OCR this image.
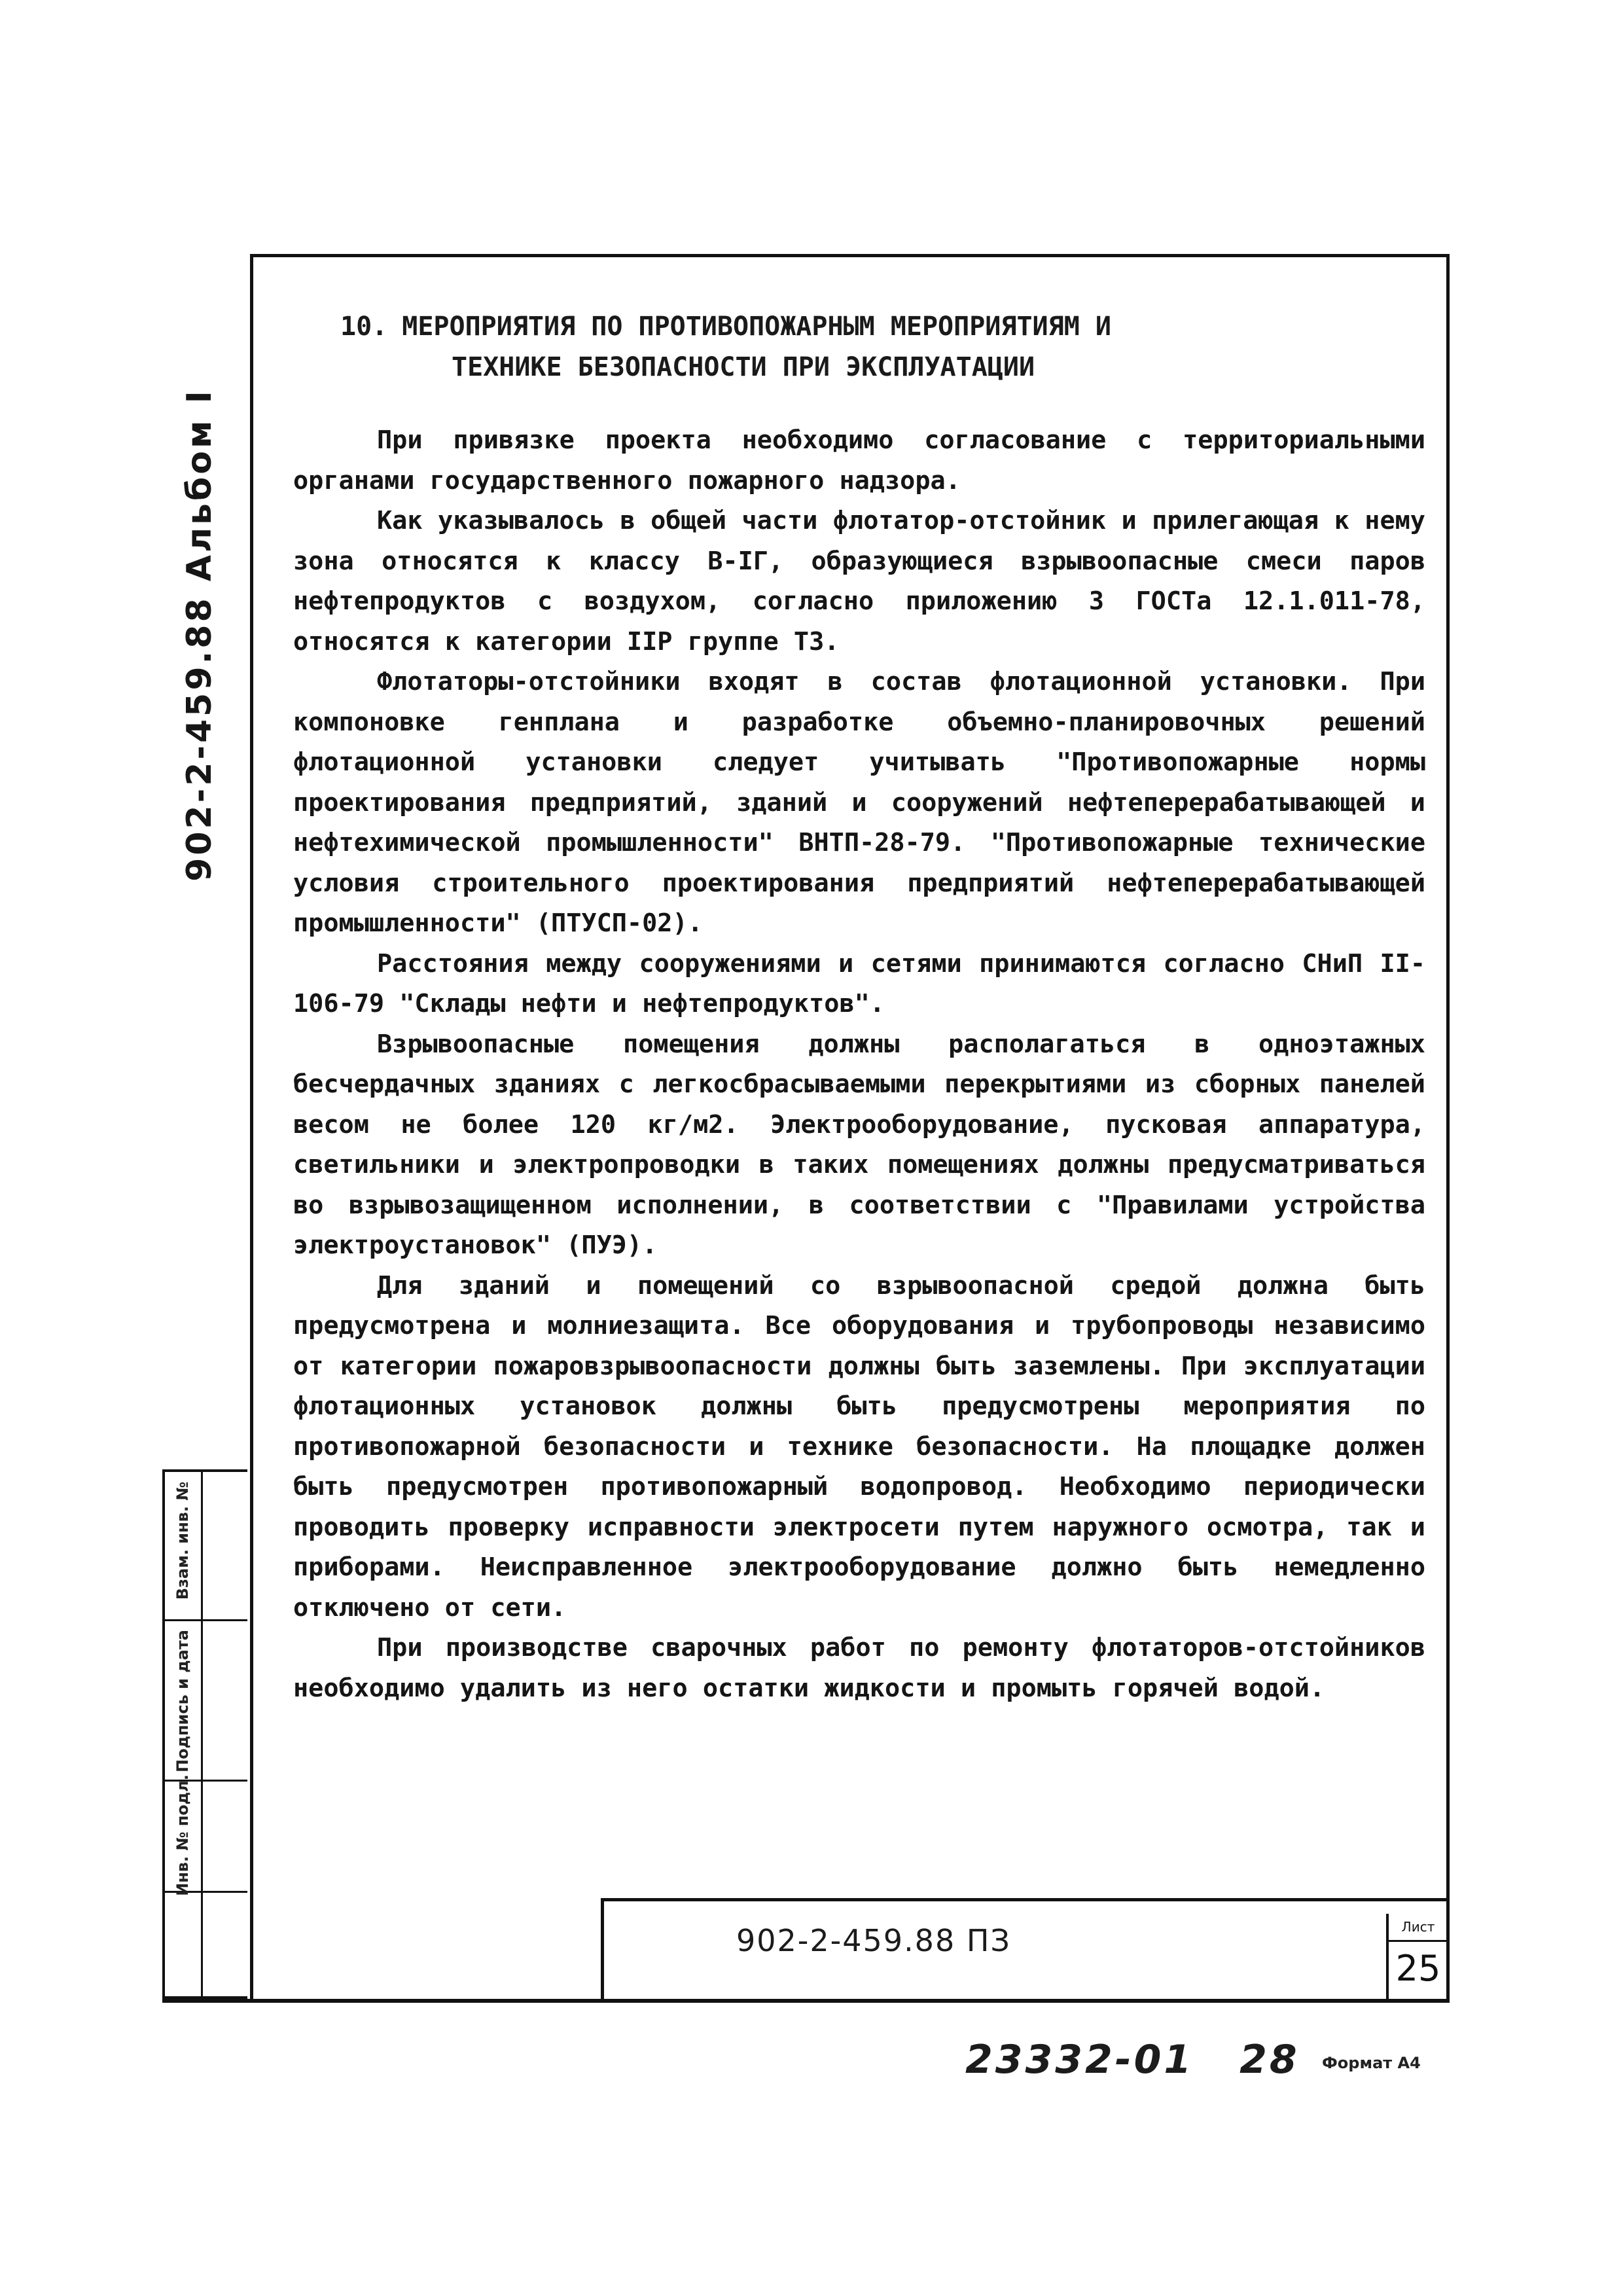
902-2-459.88 Альбом I
Взам. инв. №
Подпись и дата
Инв. № подл.
10. МЕРОПРИЯТИЯ ПО ПРОТИВОПОЖАРНЫМ МЕРОПРИЯТИЯМ И
ТЕХНИКЕ БЕЗОПАСНОСТИ ПРИ ЭКСПЛУАТАЦИИ

При привязке проекта необходимо согласование с территориальными органами государственного пожарного надзора.

Как указывалось в общей части флотатор-отстойник и прилегающая к нему зона относятся к классу В-IГ, образующиеся взрывоопасные смеси паров нефтепродуктов с воздухом, согласно приложению 3 ГОСТа 12.1.011-78, относятся к категории IIР группе Т3.

Флотаторы-отстойники входят в состав флотационной установки. При компоновке генплана и разработке объемно-планировочных решений флотационной установки следует учитывать "Противопожарные нормы проектирования предприятий, зданий и сооружений нефтеперерабатывающей и нефтехимической промышленности" ВНТП-28-79. "Противопожарные технические условия строительного проектирования предприятий нефтеперерабатывающей промышленности" (ПТУСП-02).

Расстояния между сооружениями и сетями принимаются согласно СНиП II-106-79 "Склады нефти и нефтепродуктов".

Взрывоопасные помещения должны располагаться в одноэтажных бесчердачных зданиях с легкосбрасываемыми перекрытиями из сборных панелей весом не более 120 кг/м2. Электрооборудование, пусковая аппаратура, светильники и электропроводки в таких помещениях должны предусматриваться во взрывозащищенном исполнении, в соответствии с "Правилами устройства электроустановок" (ПУЭ).

Для зданий и помещений со взрывоопасной средой должна быть предусмотрена и молниезащита. Все оборудования и трубопроводы независимо от категории пожаровзрывоопасности должны быть заземлены. При эксплуатации флотационных установок должны быть предусмотрены мероприятия по противопожарной безопасности и технике безопасности. На площадке должен быть предусмотрен противопожарный водопровод. Необходимо периодически проводить проверку исправности электросети путем наружного осмотра, так и приборами. Неисправленное электрооборудование должно быть немедленно отключено от сети.

При производстве сварочных работ по ремонту флотаторов-отстойников необходимо удалить из него остатки жидкости и промыть горячей водой.

902-2-459.88 ПЗ	Лист
25
23332-01 28 Формат А4
